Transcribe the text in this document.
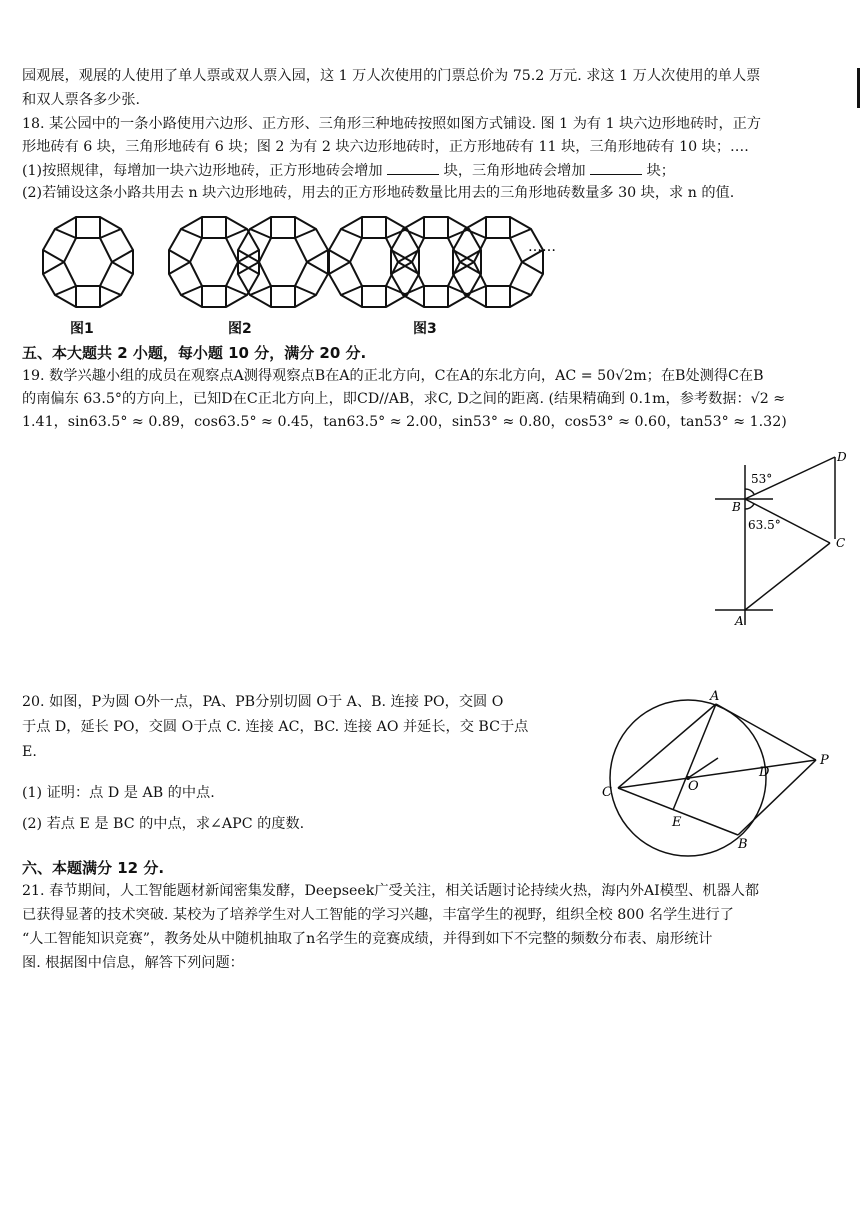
园观展，观展的人使用了单人票或双人票入园，这 1 万人次使用的门票总价为 75.2 万元. 求这 1 万人次使用的单人票
和双人票各多少张.
18. 某公园中的一条小路使用六边形、正方形、三角形三种地砖按照如图方式铺设. 图 1 为有 1 块六边形地砖时，正方
形地砖有 6 块，三角形地砖有 6 块；图 2 为有 2 块六边形地砖时，正方形地砖有 11 块，三角形地砖有 10 块；….
(1)按照规律，每增加一块六边形地砖，正方形地砖会增加	块，三角形地砖会增加	块；
(2)若铺设这条小路共用去 n 块六边形地砖，用去的正方形地砖数量比用去的三角形地砖数量多 30 块，求 n 的值.
……
图1	图2	图3
五、本大题共 2 小题，每小题 10 分，满分 20 分.
19. 数学兴趣小组的成员在观察点A测得观察点B在A的正北方向，C在A的东北方向，AC = 50√2m；在B处测得C在B
的南偏东 63.5°的方向上，已知D在C正北方向上，即CD//AB，求C, D之间的距离. (结果精确到 0.1m，参考数据：√2 ≈
1.41，sin63.5° ≈ 0.89，cos63.5° ≈ 0.45，tan63.5° ≈ 2.00，sin53° ≈ 0.80，cos53° ≈ 0.60，tan53° ≈ 1.32)
53°
63.5°
B
A
C
D
20. 如图，P为圆 O外一点，PA、PB分别切圆 O于 A、B. 连接 PO，交圆 O
于点 D，延长 PO，交圆 O于点 C. 连接 AC，BC. 连接 AO 并延长，交 BC于点
E.
(1) 证明：点 D 是 AB 的中点.
(2) 若点 E 是 BC 的中点，求∠APC 的度数.
A
B
C
D
E
O
P
六、本题满分 12 分.
21. 春节期间，人工智能题材新闻密集发酵，Deepseek广受关注，相关话题讨论持续火热，海内外AI模型、机器人都
已获得显著的技术突破. 某校为了培养学生对人工智能的学习兴趣，丰富学生的视野，组织全校 800 名学生进行了
“人工智能知识竞赛”，教务处从中随机抽取了n名学生的竞赛成绩，并得到如下不完整的频数分布表、扇形统计
图. 根据图中信息，解答下列问题：
